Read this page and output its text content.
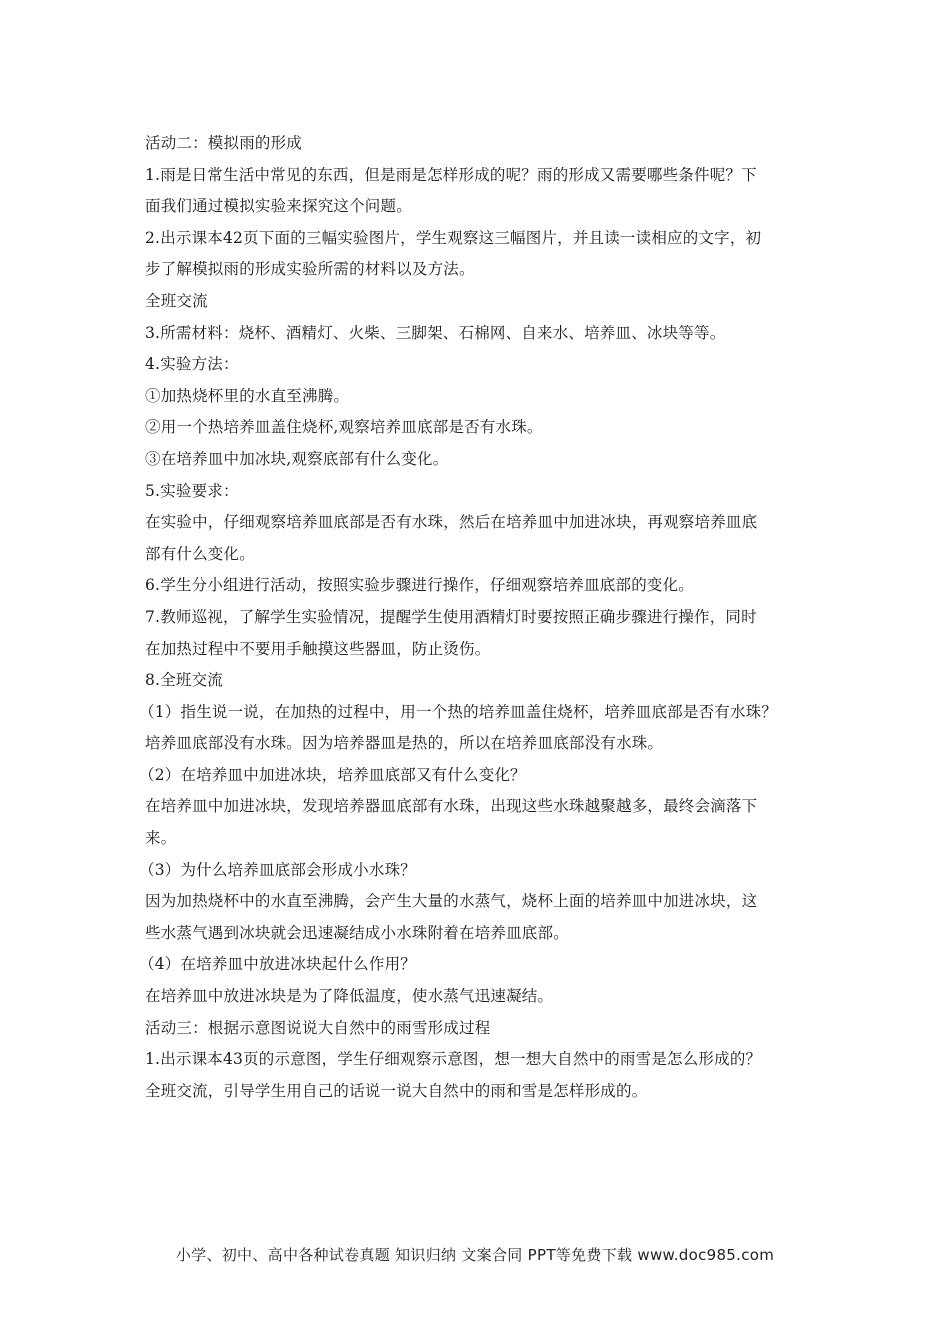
活动二：模拟雨的形成
1.雨是日常生活中常见的东西，但是雨是怎样形成的呢？雨的形成又需要哪些条件呢？下
面我们通过模拟实验来探究这个问题。
2.出示课本42页下面的三幅实验图片，学生观察这三幅图片，并且读一读相应的文字，初
步了解模拟雨的形成实验所需的材料以及方法。
全班交流
3.所需材料：烧杯、酒精灯、火柴、三脚架、石棉网、自来水、培养皿、冰块等等。
4.实验方法：
①加热烧杯里的水直至沸腾。
②用一个热培养皿盖住烧杯,观察培养皿底部是否有水珠。
③在培养皿中加冰块,观察底部有什么变化。
5.实验要求：
在实验中，仔细观察培养皿底部是否有水珠，然后在培养皿中加进冰块，再观察培养皿底
部有什么变化。
6.学生分小组进行活动，按照实验步骤进行操作，仔细观察培养皿底部的变化。
7.教师巡视，了解学生实验情况，提醒学生使用酒精灯时要按照正确步骤进行操作，同时
在加热过程中不要用手触摸这些器皿，防止烫伤。
8.全班交流
（1）指生说一说，在加热的过程中，用一个热的培养皿盖住烧杯，培养皿底部是否有水珠？
培养皿底部没有水珠。因为培养器皿是热的，所以在培养皿底部没有水珠。
（2）在培养皿中加进冰块，培养皿底部又有什么变化？
在培养皿中加进冰块，发现培养器皿底部有水珠，出现这些水珠越聚越多，最终会滴落下
来。
（3）为什么培养皿底部会形成小水珠？
因为加热烧杯中的水直至沸腾，会产生大量的水蒸气，烧杯上面的培养皿中加进冰块，这
些水蒸气遇到冰块就会迅速凝结成小水珠附着在培养皿底部。
（4）在培养皿中放进冰块起什么作用？
在培养皿中放进冰块是为了降低温度，使水蒸气迅速凝结。
活动三：根据示意图说说大自然中的雨雪形成过程
1.出示课本43页的示意图，学生仔细观察示意图，想一想大自然中的雨雪是怎么形成的？
全班交流，引导学生用自己的话说一说大自然中的雨和雪是怎样形成的。
小学、初中、高中各种试卷真题 知识归纳 文案合同 PPT等免费下载 www.doc985.com
